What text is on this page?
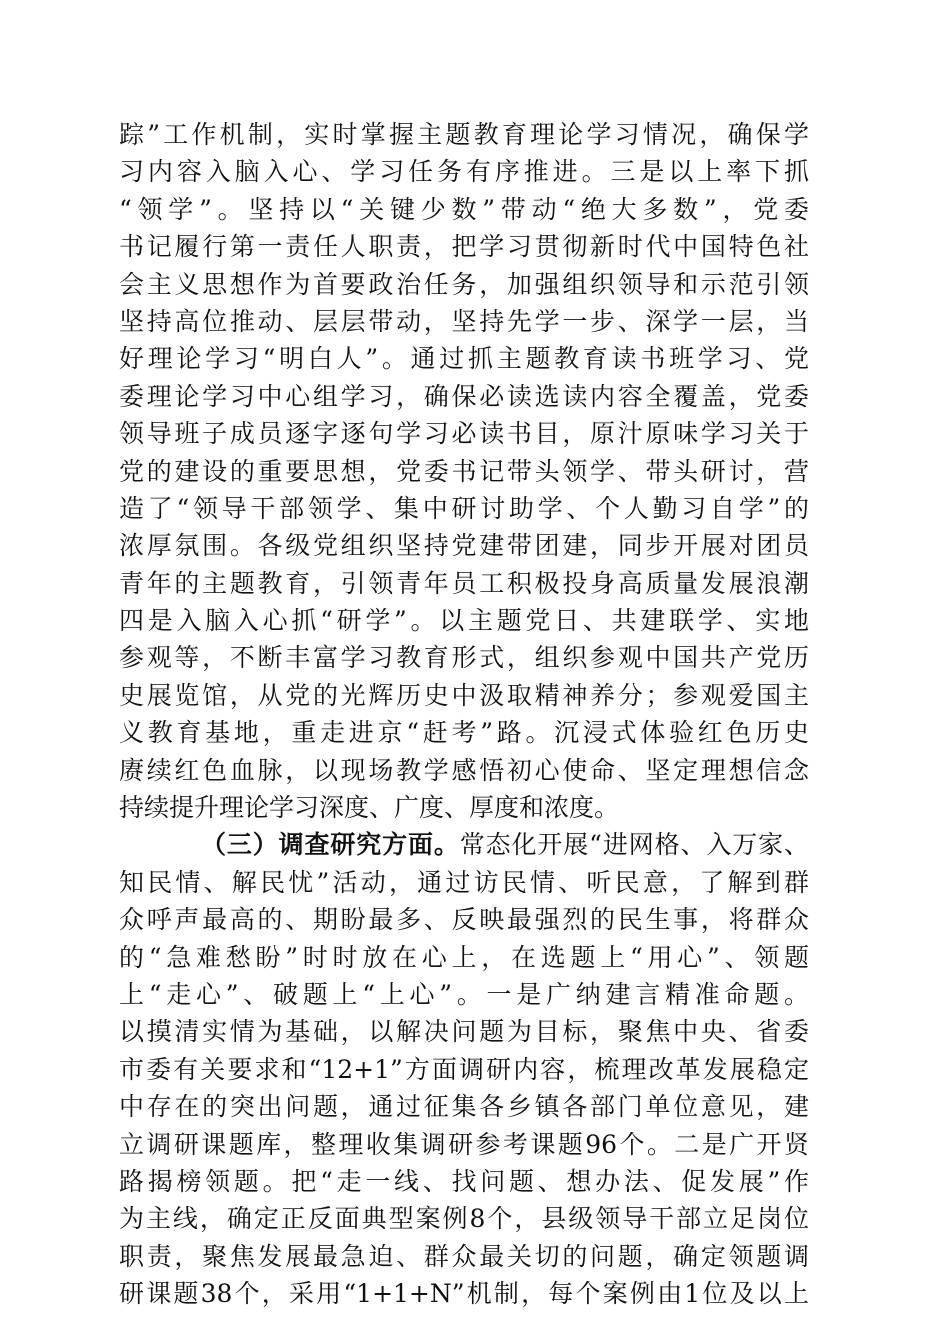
踪”工作机制，实时掌握主题教育理论学习情况，确保学
习内容入脑入心、学习任务有序推进。三是以上率下抓
“领学”。坚持以“关键少数”带动“绝大多数”，党委
书记履行第一责任人职责，把学习贯彻新时代中国特色社
会主义思想作为首要政治任务，加强组织领导和示范引领
坚持高位推动、层层带动，坚持先学一步、深学一层，当
好理论学习“明白人”。通过抓主题教育读书班学习、党
委理论学习中心组学习，确保必读选读内容全覆盖，党委
领导班子成员逐字逐句学习必读书目，原汁原味学习关于
党的建设的重要思想，党委书记带头领学、带头研讨，营
造了“领导干部领学、集中研讨助学、个人勤习自学”的
浓厚氛围。各级党组织坚持党建带团建，同步开展对团员
青年的主题教育，引领青年员工积极投身高质量发展浪潮
四是入脑入心抓“研学”。以主题党日、共建联学、实地
参观等，不断丰富学习教育形式，组织参观中国共产党历
史展览馆，从党的光辉历史中汲取精神养分；参观爱国主
义教育基地，重走进京“赶考”路。沉浸式体验红色历史
赓续红色血脉，以现场教学感悟初心使命、坚定理想信念
持续提升理论学习深度、广度、厚度和浓度。
（三）调查研究方面。常态化开展“进网格、入万家、
知民情、解民忧”活动，通过访民情、听民意，了解到群
众呼声最高的、期盼最多、反映最强烈的民生事，将群众
的“急难愁盼”时时放在心上，在选题上“用心”、领题
上“走心”、破题上“上心”。一是广纳建言精准命题。
以摸清实情为基础，以解决问题为目标，聚焦中央、省委
市委有关要求和“12+1”方面调研内容，梳理改革发展稳定
中存在的突出问题，通过征集各乡镇各部门单位意见，建
立调研课题库，整理收集调研参考课题96个。二是广开贤
路揭榜领题。把“走一线、找问题、想办法、促发展”作
为主线，确定正反面典型案例8个，县级领导干部立足岗位
职责，聚焦发展最急迫、群众最关切的问题，确定领题调
研课题38个，采用“1+1+N”机制，每个案例由1位及以上
